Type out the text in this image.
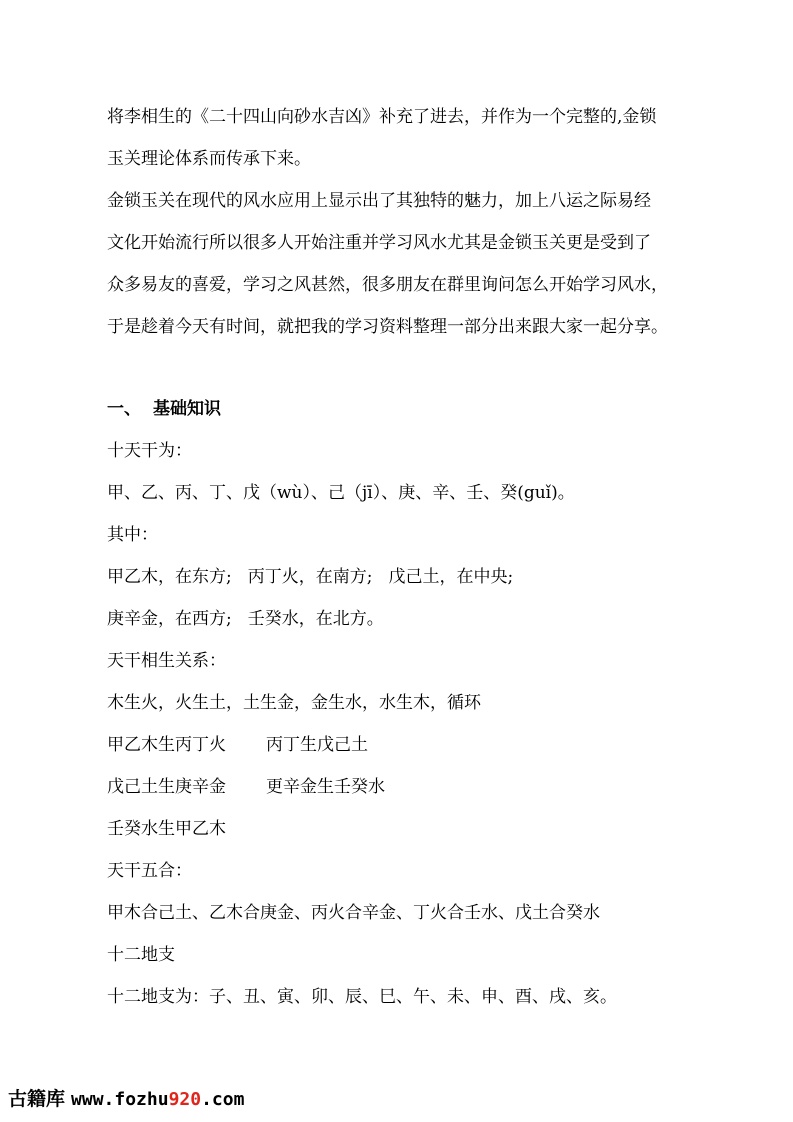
将李相生的《二十四山向砂水吉凶》补充了进去，并作为一个完整的,金锁

玉关理论体系而传承下来。

金锁玉关在现代的风水应用上显示出了其独特的魅力，加上八运之际易经

文化开始流行所以很多人开始注重并学习风水尤其是金锁玉关更是受到了

众多易友的喜爱，学习之风甚然，很多朋友在群里询问怎么开始学习风水，

于是趁着今天有时间，就把我的学习资料整理一部分出来跟大家一起分享。

一、 基础知识

十天干为：

甲、乙、丙、丁、戊（wù）、己（jī）、庚、辛、壬、癸(guǐ)。

其中：

甲乙木，在东方; 丙丁火，在南方; 戊己土，在中央;

庚辛金，在西方; 壬癸水，在北方。

天干相生关系：

木生火，火生土，土生金，金生水，水生木，循环

甲乙木生丙丁火 丙丁生戊己土

戊己土生庚辛金 更辛金生壬癸水

壬癸水生甲乙木

天干五合：

甲木合己土、乙木合庚金、丙火合辛金、丁火合壬水、戊土合癸水

十二地支

十二地支为：子、丑、寅、卯、辰、巳、午、未、申、酉、戌、亥。

古籍库 www.fozhu920.com
